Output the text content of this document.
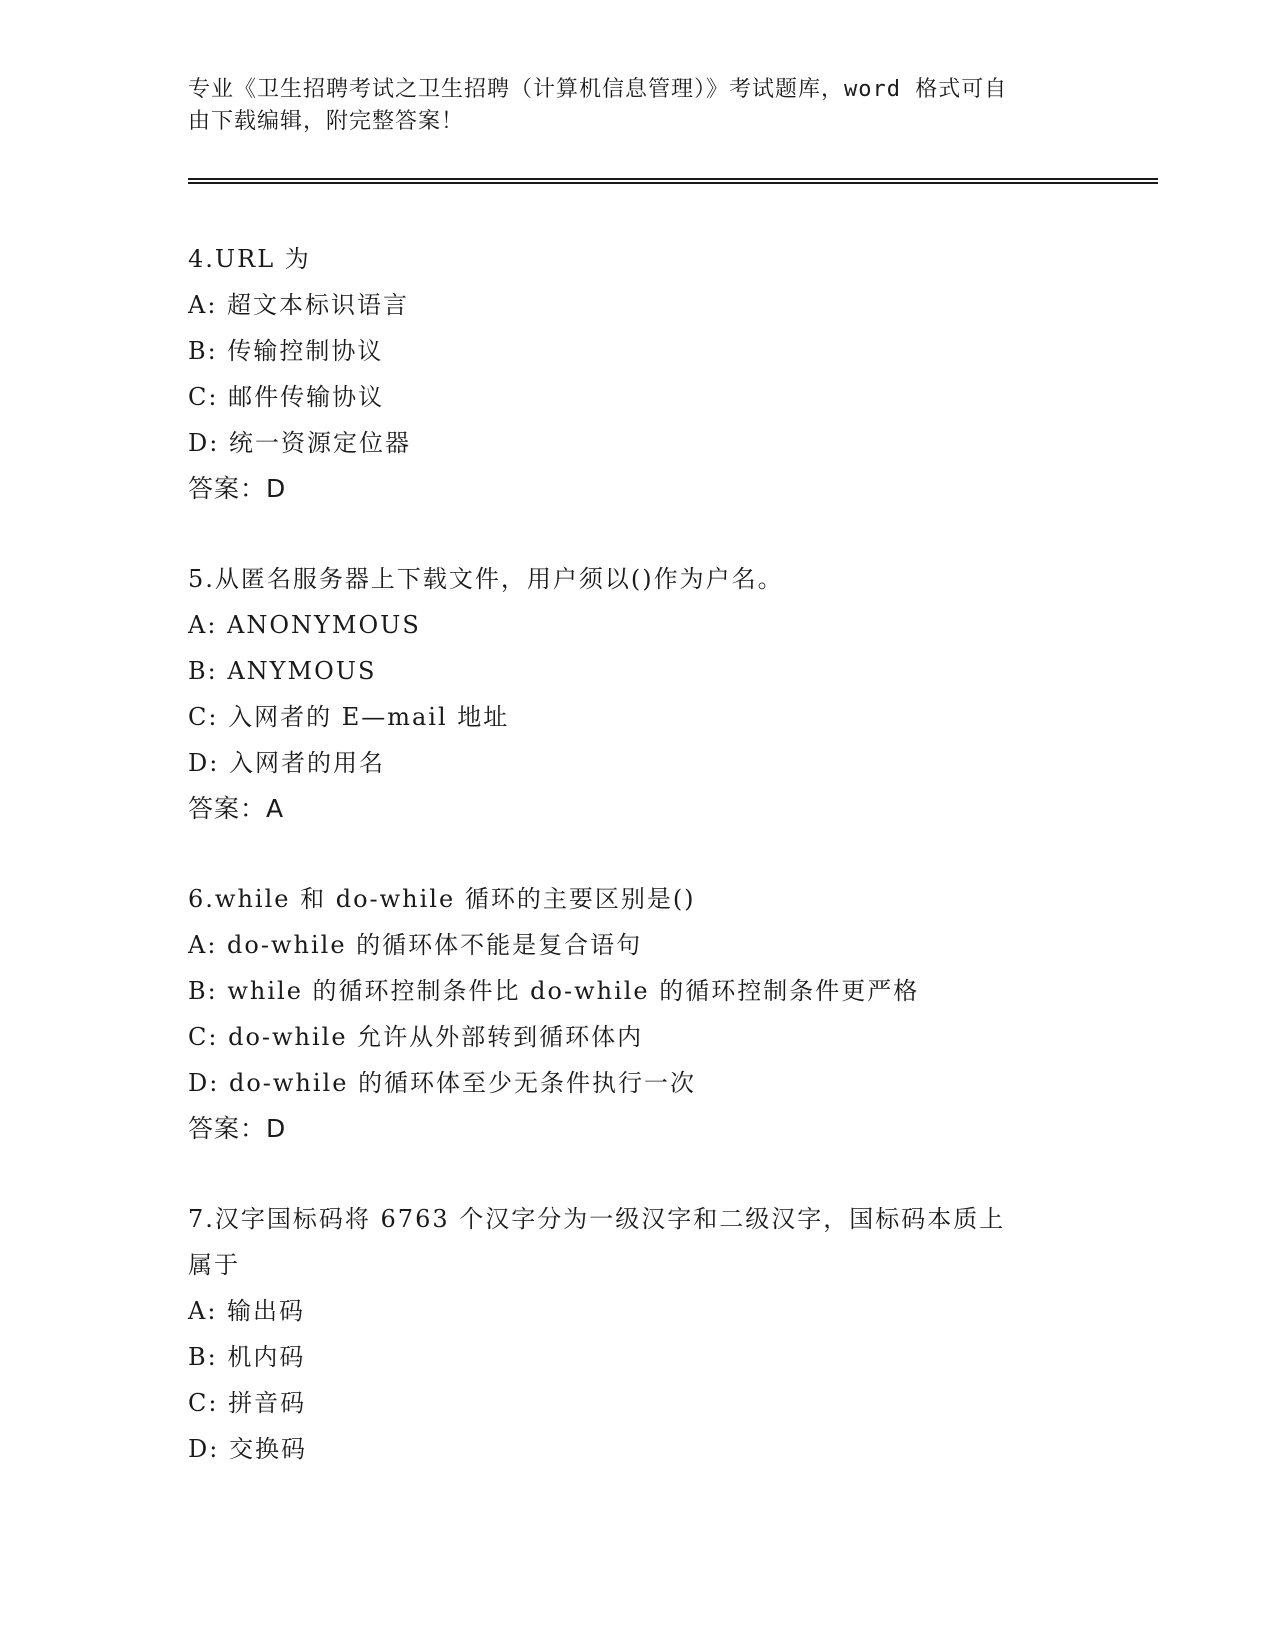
专业《卫生招聘考试之卫生招聘（计算机信息管理）》考试题库，word 格式可自
由下载编辑，附完整答案！
4.URL 为
A: 超文本标识语言
B: 传输控制协议
C: 邮件传输协议
D: 统一资源定位器
答案：D
5.从匿名服务器上下载文件，用户须以()作为户名。
A: ANONYMOUS
B: ANYMOUS
C: 入网者的 E—mail 地址
D: 入网者的用名
答案：A
6.while 和 do-while 循环的主要区别是()
A: do-while 的循环体不能是复合语句
B: while 的循环控制条件比 do-while 的循环控制条件更严格
C: do-while 允许从外部转到循环体内
D: do-while 的循环体至少无条件执行一次
答案：D
7.汉字国标码将 6763 个汉字分为一级汉字和二级汉字，国标码本质上
属于
A: 输出码
B: 机内码
C: 拼音码
D: 交换码
